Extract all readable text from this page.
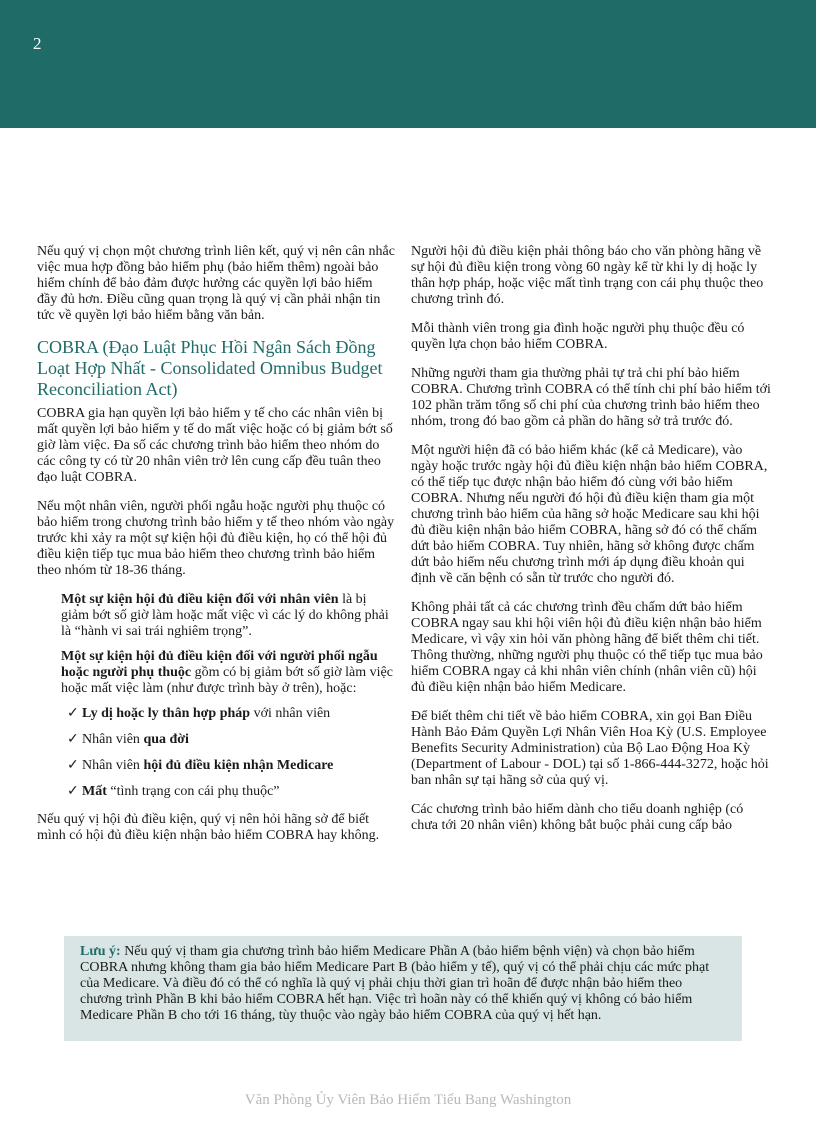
2

Nếu quý vị chọn một chương trình liên kết, quý vị nên cân nhắc việc mua hợp đồng bảo hiểm phụ (bảo hiểm thêm) ngoài bảo hiểm chính để bảo đảm được hưởng các quyền lợi bảo hiểm đầy đủ hơn. Điều cũng quan trọng là quý vị cần phải nhận tin tức về quyền lợi bảo hiểm bằng văn bản.

COBRA (Đạo Luật Phục Hồi Ngân Sách Đồng Loạt Hợp Nhất - Consolidated Omnibus Budget Reconciliation Act)

COBRA gia hạn quyền lợi bảo hiểm y tế cho các nhân viên bị mất quyền lợi bảo hiểm y tế do mất việc hoặc có bị giảm bớt số giờ làm việc. Đa số các chương trình bảo hiểm theo nhóm do các công ty có từ 20 nhân viên trở lên cung cấp đều tuân theo đạo luật COBRA.

Nếu một nhân viên, người phối ngẫu hoặc người phụ thuộc có bảo hiểm trong chương trình bảo hiểm y tế theo nhóm vào ngày trước khi xảy ra một sự kiện hội đủ điều kiện, họ có thể hội đủ điều kiện tiếp tục mua bảo hiểm theo chương trình bảo hiểm theo nhóm từ 18-36 tháng.

Một sự kiện hội đủ điều kiện đối với nhân viên là bị giảm bớt số giờ làm hoặc mất việc vì các lý do không phải là “hành vi sai trái nghiêm trọng”.

Một sự kiện hội đủ điều kiện đối với người phối ngẫu hoặc người phụ thuộc gồm có bị giảm bớt số giờ làm việc hoặc mất việc làm (như được trình bày ở trên), hoặc:

✓ Ly dị hoặc ly thân hợp pháp với nhân viên
✓ Nhân viên qua đời
✓ Nhân viên hội đủ điều kiện nhận Medicare
✓ Mất “tình trạng con cái phụ thuộc”

Nếu quý vị hội đủ điều kiện, quý vị nên hỏi hãng sở để biết mình có hội đủ điều kiện nhận bảo hiểm COBRA hay không.

Người hội đủ điều kiện phải thông báo cho văn phòng hãng về sự hội đủ điều kiện trong vòng 60 ngày kể từ khi ly dị hoặc ly thân hợp pháp, hoặc việc mất tình trạng con cái phụ thuộc theo chương trình đó.

Mỗi thành viên trong gia đình hoặc người phụ thuộc đều có quyền lựa chọn bảo hiểm COBRA.

Những người tham gia thường phải tự trả chi phí bảo hiểm COBRA. Chương trình COBRA có thể tính chi phí bảo hiểm tới 102 phần trăm tổng số chi phí của chương trình bảo hiểm theo nhóm, trong đó bao gồm cả phần do hãng sở trả trước đó.

Một người hiện đã có bảo hiểm khác (kể cả Medicare), vào ngày hoặc trước ngày hội đủ điều kiện nhận bảo hiểm COBRA, có thể tiếp tục được nhận bảo hiểm đó cùng với bảo hiểm COBRA. Nhưng nếu người đó hội đủ điều kiện tham gia một chương trình bảo hiểm của hãng sở hoặc Medicare sau khi hội đủ điều kiện nhận bảo hiểm COBRA, hãng sở đó có thể chấm dứt bảo hiểm COBRA. Tuy nhiên, hãng sở không được chấm dứt bảo hiểm nếu chương trình mới áp dụng điều khoản qui định về căn bệnh có sẵn từ trước cho người đó.

Không phải tất cả các chương trình đều chấm dứt bảo hiểm COBRA ngay sau khi hội viên hội đủ điều kiện nhận bảo hiểm Medicare, vì vậy xin hỏi văn phòng hãng để biết thêm chi tiết. Thông thường, những người phụ thuộc có thể tiếp tục mua bảo hiểm COBRA ngay cả khi nhân viên chính (nhân viên cũ) hội đủ điều kiện nhận bảo hiểm Medicare.

Để biết thêm chi tiết về bảo hiểm COBRA, xin gọi Ban Điều Hành Bảo Đảm Quyền Lợi Nhân Viên Hoa Kỳ (U.S. Employee Benefits Security Administration) của Bộ Lao Động Hoa Kỳ (Department of Labour - DOL) tại số 1-866-444-3272, hoặc hỏi ban nhân sự tại hãng sở của quý vị.

Các chương trình bảo hiểm dành cho tiểu doanh nghiệp (có chưa tới 20 nhân viên) không bắt buộc phải cung cấp bảo

Lưu ý: Nếu quý vị tham gia chương trình bảo hiểm Medicare Phần A (bảo hiểm bệnh viện) và chọn bảo hiểm COBRA nhưng không tham gia bảo hiểm Medicare Part B (bảo hiểm y tế), quý vị có thể phải chịu các mức phạt của Medicare. Và điều đó có thể có nghĩa là quý vị phải chịu thời gian trì hoãn để được nhận bảo hiểm theo chương trình Phần B khi bảo hiểm COBRA hết hạn. Việc trì hoãn này có thể khiến quý vị không có bảo hiểm Medicare Phần B cho tới 16 tháng, tùy thuộc vào ngày bảo hiểm COBRA của quý vị hết hạn.
Văn Phòng Ủy Viên Bảo Hiểm Tiểu Bang Washington
